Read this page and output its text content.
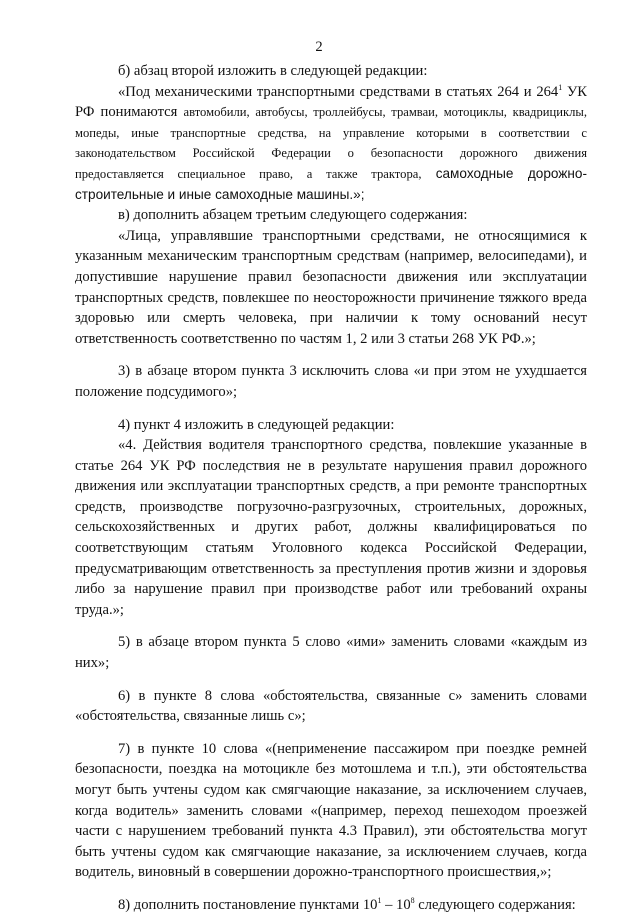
2

б) абзац второй изложить в следующей редакции:

«Под механическими транспортными средствами в статьях 264 и $264^1$ УК РФ понимаются автомобили, автобусы, троллейбусы, трамваи, мотоциклы, квадрициклы, мопеды, иные транспортные средства, на управление которыми в соответствии с законодательством Российской Федерации о безопасности дорожного движения предоставляется специальное право, а также трактора, самоходные дорожно-строительные и иные самоходные машины.»;

в) дополнить абзацем третьим следующего содержания:

«Лица, управлявшие транспортными средствами, не относящимися к указанным механическим транспортным средствам (например, велосипедами), и допустившие нарушение правил безопасности движения или эксплуатации транспортных средств, повлекшее по неосторожности причинение тяжкого вреда здоровью или смерть человека, при наличии к тому оснований несут ответственность соответственно по частям 1, 2 или 3 статьи 268 УК РФ.»;

3) в абзаце втором пункта 3 исключить слова «и при этом не ухудшается положение подсудимого»;

4) пункт 4 изложить в следующей редакции:

«4. Действия водителя транспортного средства, повлекшие указанные в статье 264 УК РФ последствия не в результате нарушения правил дорожного движения или эксплуатации транспортных средств, а при ремонте транспортных средств, производстве погрузочно-разгрузочных, строительных, дорожных, сельскохозяйственных и других работ, должны квалифицироваться по соответствующим статьям Уголовного кодекса Российской Федерации, предусматривающим ответственность за преступления против жизни и здоровья либо за нарушение правил при производстве работ или требований охраны труда.»;

5) в абзаце втором пункта 5 слово «ими» заменить словами «каждым из них»;

6) в пункте 8 слова «обстоятельства, связанные с» заменить словами «обстоятельства, связанные лишь с»;

7) в пункте 10 слова «(неприменение пассажиром при поездке ремней безопасности, поездка на мотоцикле без мотошлема и т.п.), эти обстоятельства могут быть учтены судом как смягчающие наказание, за исключением случаев, когда водитель» заменить словами «(например, переход пешеходом проезжей части с нарушением требований пункта 4.3 Правил), эти обстоятельства могут быть учтены судом как смягчающие наказание, за исключением случаев, когда водитель, виновный в совершении дорожно-транспортного происшествия,»;

8) дополнить постановление пунктами $10^1 - 10^8$ следующего содержания:
